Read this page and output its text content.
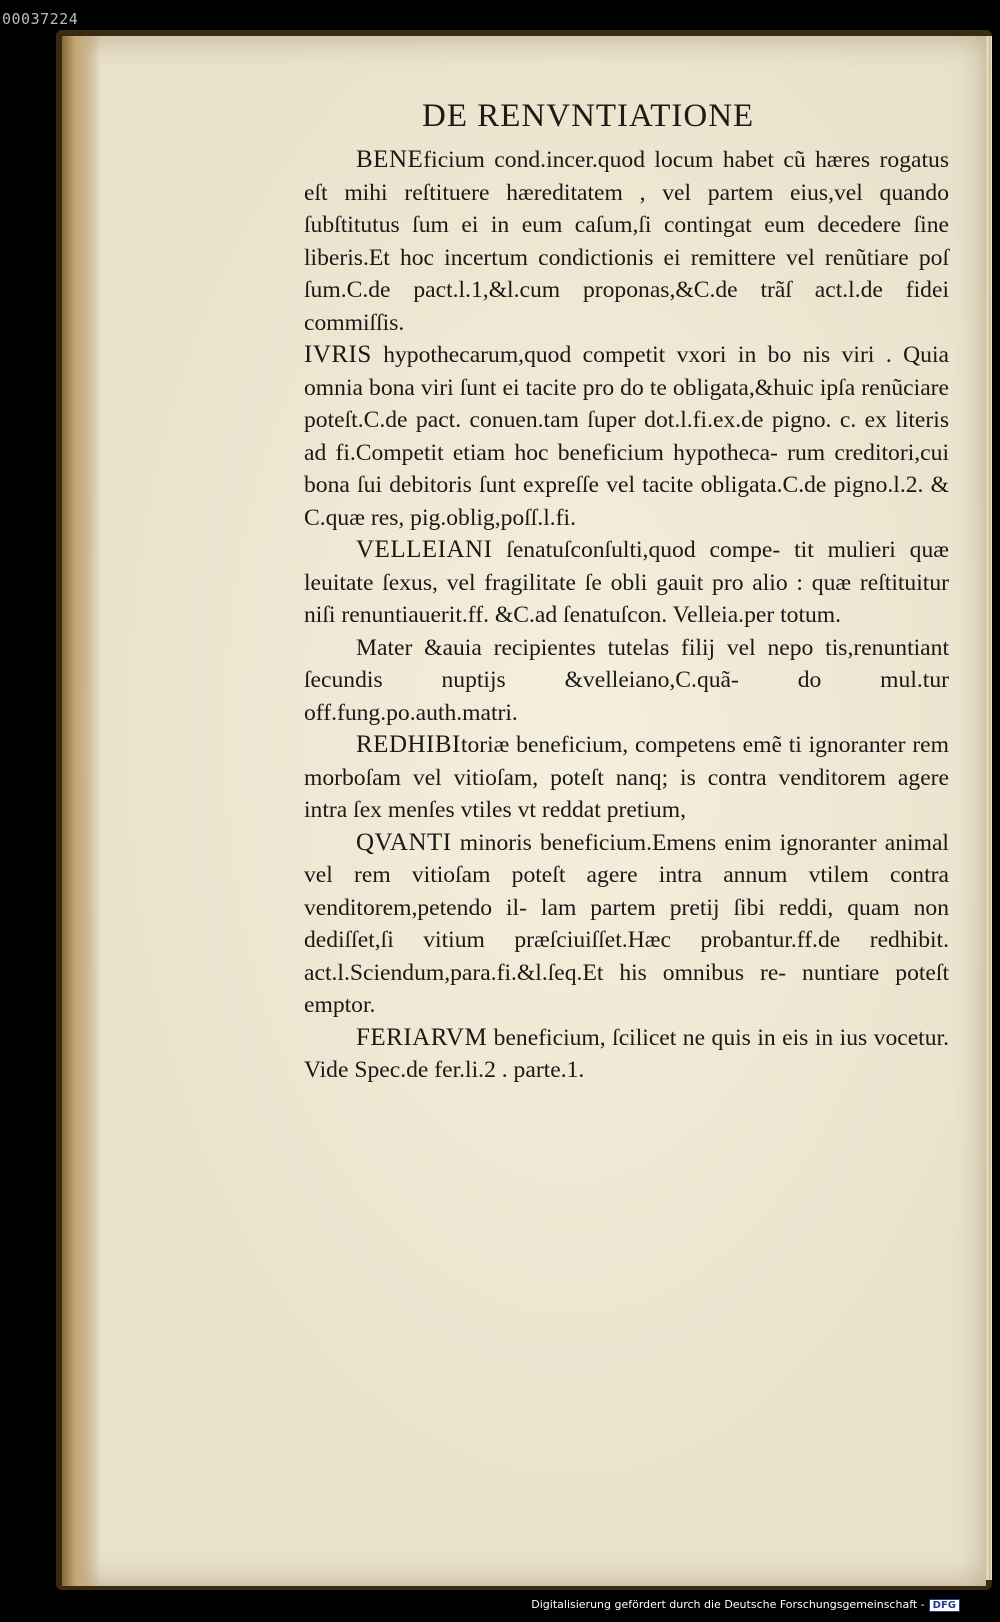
00037224
DE RENVNTIATIONE

BENEficium cond.incer.quod locum habet cũ hæres rogatus eſt mihi reſtituere hæreditatem , vel partem eius,vel quando ſubſtitutus ſum ei in eum caſum,ſi contingat eum decedere ſine liberis.Et hoc incertum condictionis ei remittere vel renũtiare poſ ſum.C.de pact.l.1,&l.cum proponas,&C.de trãſ act.l.de fidei commiſſis.

IVRIS hypothecarum,quod competit vxori in bo nis viri . Quia omnia bona viri ſunt ei tacite pro do te obligata,&huic ipſa renũciare poteſt.C.de pact. conuen.tam ſuper dot.l.fi.ex.de pigno. c. ex literis ad fi.Competit etiam hoc beneficium hypotheca- rum creditori,cui bona ſui debitoris ſunt expreſſe vel tacite obligata.C.de pigno.l.2. & C.quæ res, pig.oblig,poſſ.l.fi.

VELLEIANI ſenatuſconſulti,quod compe- tit mulieri quæ leuitate ſexus, vel fragilitate ſe obli gauit pro alio : quæ reſtituitur niſi renuntiauerit.ff. &C.ad ſenatuſcon. Velleia.per totum.

Mater &auia recipientes tutelas filij vel nepo tis,renuntiant ſecundis nuptijs &velleiano,C.quã- do mul.tur off.fung.po.auth.matri.

REDHIBItoriæ beneficium, competens emẽ ti ignoranter rem morboſam vel vitioſam, poteſt nanq; is contra venditorem agere intra ſex menſes vtiles vt reddat pretium,

QVANTI minoris beneficium.Emens enim ignoranter animal vel rem vitioſam poteſt agere intra annum vtilem contra venditorem,petendo il- lam partem pretij ſibi reddi, quam non dediſſet,ſi vitium præſciuiſſet.Hæc probantur.ff.de redhibit. act.l.Sciendum,para.fi.&l.ſeq.Et his omnibus re- nuntiare poteſt emptor.

FERIARVM beneficium, ſcilicet ne quis in eis in ius vocetur. Vide Spec.de fer.li.2 . parte.1.

Digitalisierung gefördert durch die Deutsche Forschungsgemeinschaft - DFG
